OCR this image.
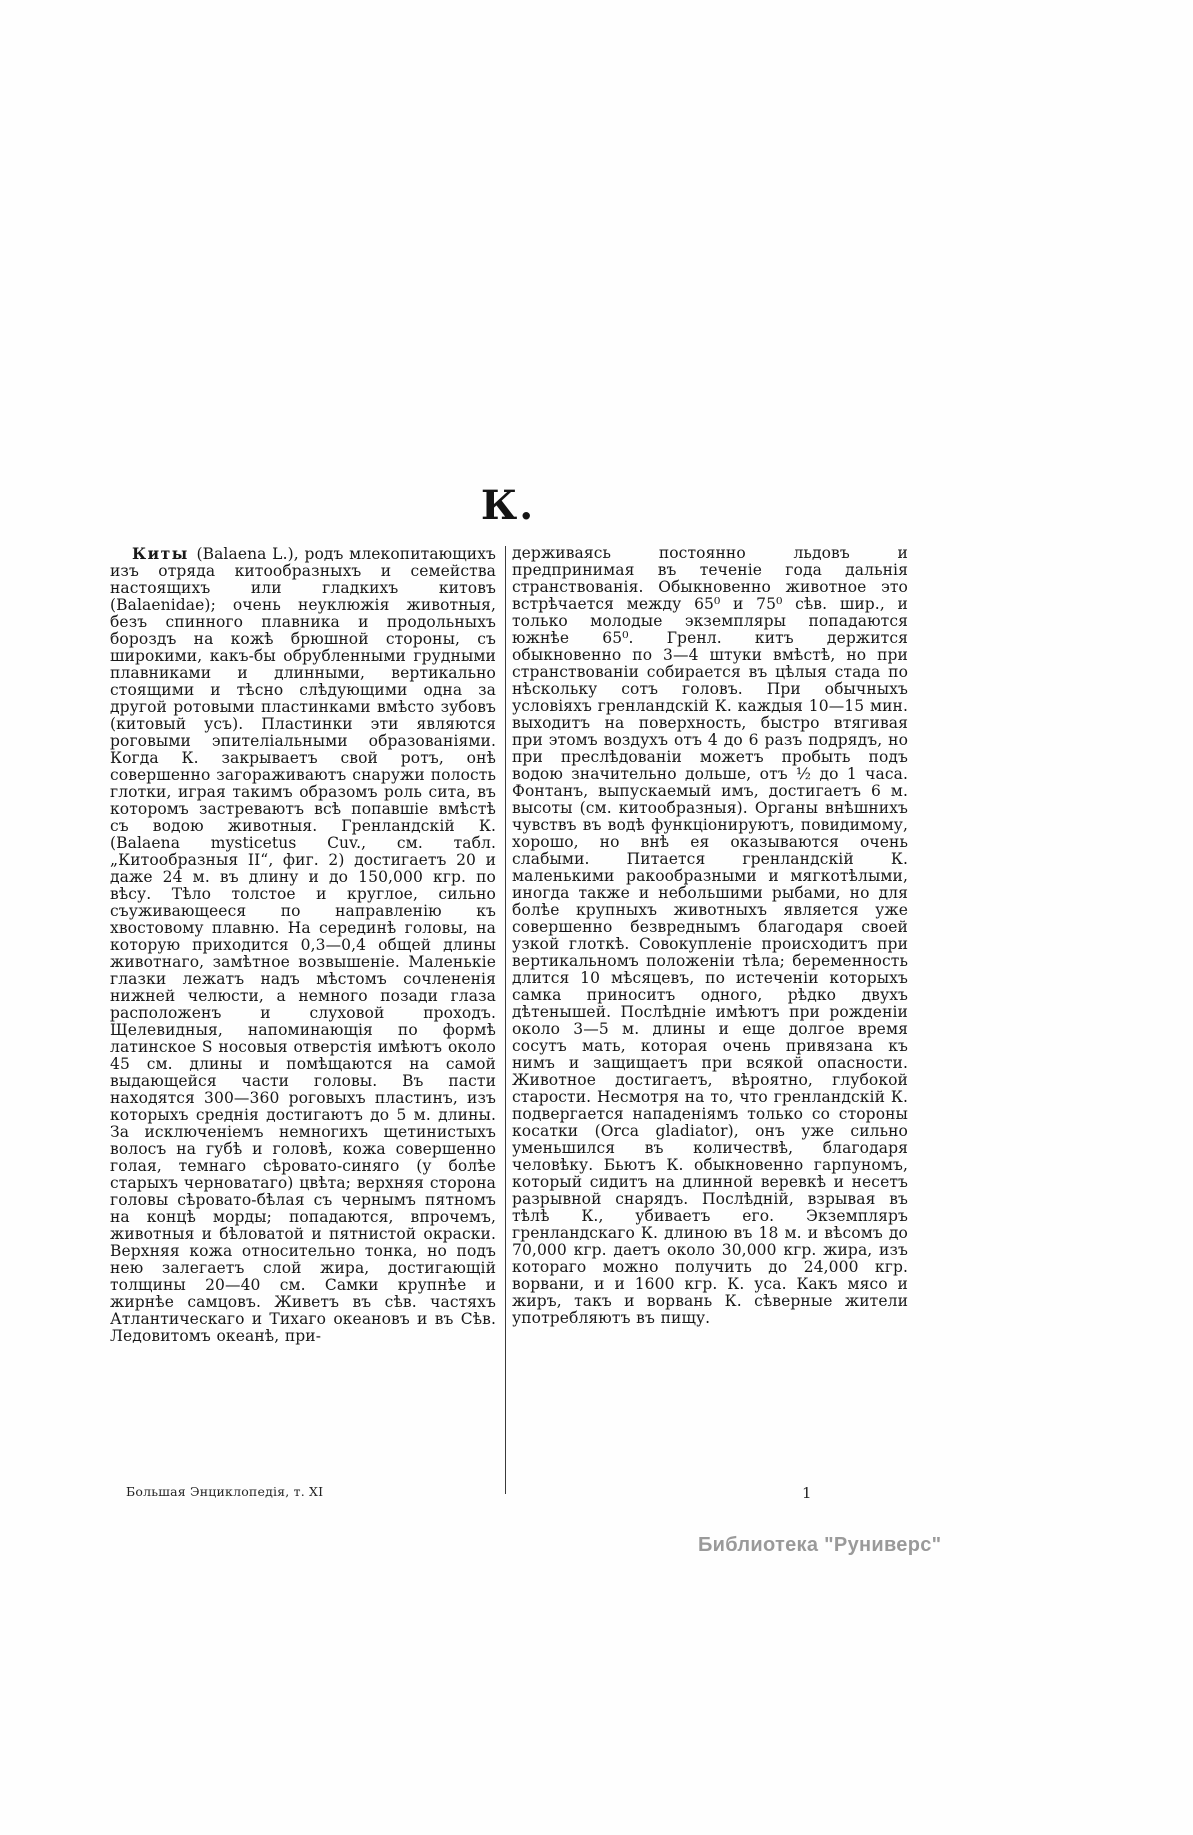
К.

Киты (Balaena L.), родъ млекопитающихъ изъ отряда китообразныхъ и семейства настоящихъ или гладкихъ китовъ (Balaenidae); очень неуклюжія животныя, безъ спинного плавника и продольныхъ бороздъ на кожѣ брюшной стороны, съ широкими, какъ-бы обрубленными грудными плавниками и длинными, вертикально стоящими и тѣсно слѣдующими одна за другой ротовыми пластинками вмѣсто зубовъ (китовый усъ). Пластинки эти являются роговыми эпителіальными образованіями. Когда К. закрываетъ свой ротъ, онѣ совершенно загораживаютъ снаружи полость глотки, играя такимъ образомъ роль сита, въ которомъ застреваютъ всѣ попавшіе вмѣстѣ съ водою животныя. Гренландскій К. (Balaena mysticetus Cuv., см. табл. „Китообразныя II“, фиг. 2) достигаетъ 20 и даже 24 м. въ длину и до 150,000 кгр. по вѣсу. Тѣло толстое и круглое, сильно съуживающееся по направленію къ хвостовому плавню. На серединѣ головы, на которую приходится 0,3—0,4 общей длины животнаго, замѣтное возвышеніе. Маленькіе глазки лежатъ надъ мѣстомъ сочлененія нижней челюсти, а немного позади глаза расположенъ и слуховой проходъ. Щелевидныя, напоминающія по формѣ латинское S носовыя отверстія имѣютъ около 45 см. длины и помѣщаются на самой выдающейся части головы. Въ пасти находятся 300—360 роговыхъ пластинъ, изъ которыхъ среднія достигаютъ до 5 м. длины. За исключеніемъ немногихъ щетинистыхъ волосъ на губѣ и головѣ, кожа совершенно голая, темнаго сѣровато-синяго (у болѣе старыхъ черноватаго) цвѣта; верхняя сторона головы сѣровато-бѣлая съ чернымъ пятномъ на концѣ морды; попадаются, впрочемъ, животныя и бѣловатой и пятнистой окраски. Верхняя кожа относительно тонка, но подъ нею залегаетъ слой жира, достигающій толщины 20—40 см. Самки крупнѣе и жирнѣе самцовъ. Живетъ въ сѣв. частяхъ Атлантическаго и Тихаго океановъ и въ Сѣв. Ледовитомъ океанѣ, при-

держиваясь постоянно льдовъ и предпринимая въ теченіе года дальнія странствованія. Обыкновенно животное это встрѣчается между 65⁰ и 75⁰ сѣв. шир., и только молодые экземпляры попадаются южнѣе 65⁰. Гренл. китъ держится обыкновенно по 3—4 штуки вмѣстѣ, но при странствованіи собирается въ цѣлыя стада по нѣскольку сотъ головъ. При обычныхъ условіяхъ гренландскій К. каждыя 10—15 мин. выходитъ на поверхность, быстро втягивая при этомъ воздухъ отъ 4 до 6 разъ подрядъ, но при преслѣдованіи можетъ пробыть подъ водою значительно дольше, отъ ½ до 1 часа. Фонтанъ, выпускаемый имъ, достигаетъ 6 м. высоты (см. китообразныя). Органы внѣшнихъ чувствъ въ водѣ функціонируютъ, повидимому, хорошо, но внѣ ея оказываются очень слабыми. Питается гренландскій К. маленькими ракообразными и мягкотѣлыми, иногда также и небольшими рыбами, но для болѣе крупныхъ животныхъ является уже совершенно безвреднымъ благодаря своей узкой глоткѣ. Совокупленіе происходитъ при вертикальномъ положеніи тѣла; беременность длится 10 мѣсяцевъ, по истеченіи которыхъ самка приноситъ одного, рѣдко двухъ дѣтенышей. Послѣдніе имѣютъ при рожденіи около 3—5 м. длины и еще долгое время сосутъ мать, которая очень привязана къ нимъ и защищаетъ при всякой опасности. Животное достигаетъ, вѣроятно, глубокой старости. Несмотря на то, что гренландскій К. подвергается нападеніямъ только со стороны косатки (Orca gladiator), онъ уже сильно уменьшился въ количествѣ, благодаря человѣку. Бьютъ К. обыкновенно гарпуномъ, который сидитъ на длинной веревкѣ и несетъ разрывной снарядъ. Послѣдній, взрывая въ тѣлѣ К., убиваетъ его. Экземпляръ гренландскаго К. длиною въ 18 м. и вѣсомъ до 70,000 кгр. даетъ около 30,000 кгр. жира, изъ котораго можно получить до 24,000 кгр. ворвани, и и 1600 кгр. К. уса. Какъ мясо и жиръ, такъ и ворвань К. сѣверные жители употребляютъ въ пищу.

Большая Энциклопедія, т. XI	1
Библиотека "Руниверс"
